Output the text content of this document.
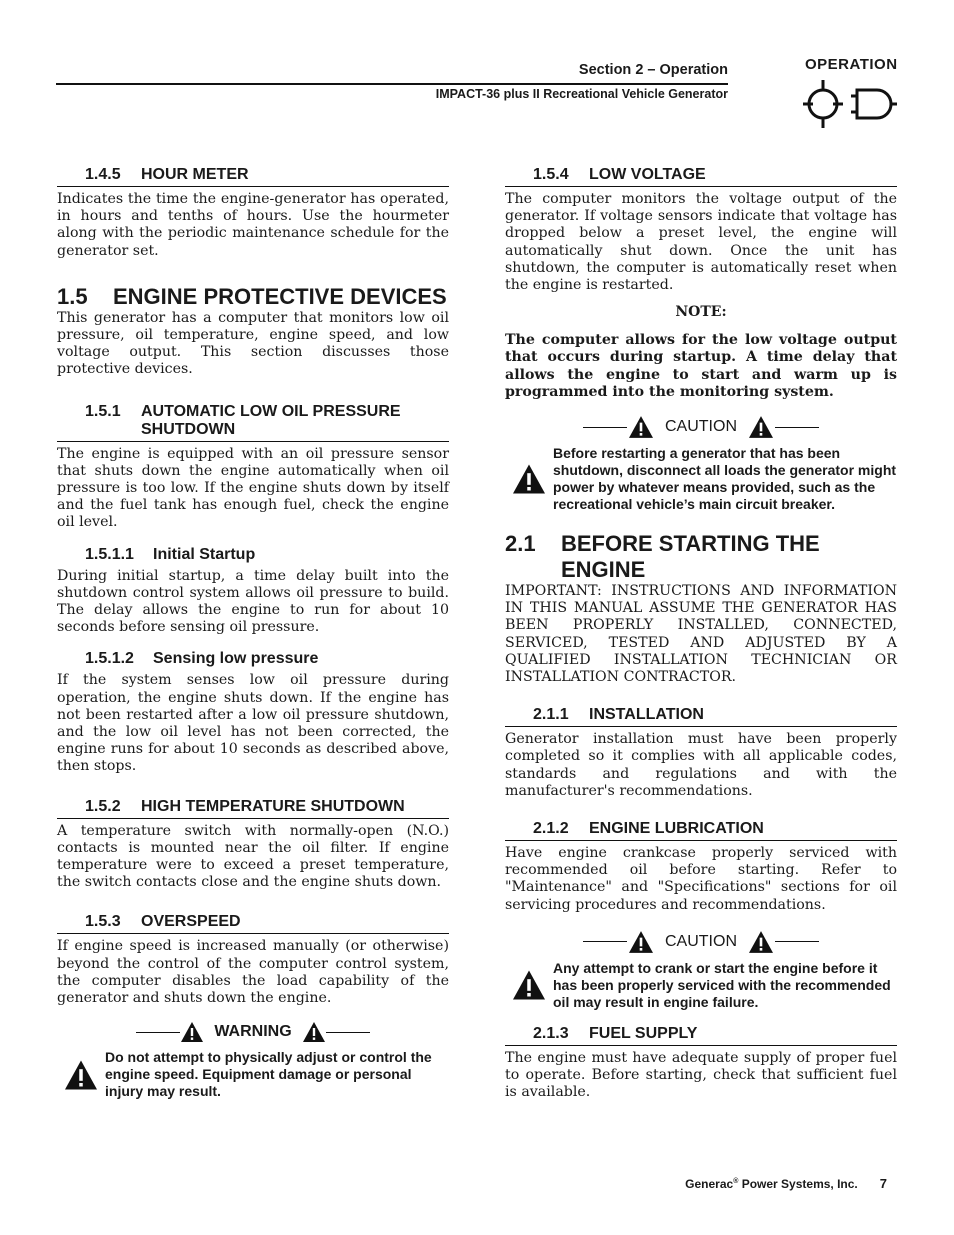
Section 2 – Operation
IMPACT-36 plus II Recreational Vehicle Generator
OPERATION
1.4.5	HOUR METER

Indicates the time the engine-generator has operated, in hours and tenths of hours. Use the hourmeter along with the periodic maintenance schedule for the generator set.

1.5	ENGINE PROTECTIVE DEVICES

This generator has a computer that monitors low oil pressure, oil temperature, engine speed, and low voltage output. This section discusses those protective devices.

1.5.1	AUTOMATIC LOW OIL PRESSURE SHUTDOWN

The engine is equipped with an oil pressure sensor that shuts down the engine automatically when oil pressure is too low. If the engine shuts down by itself and the fuel tank has enough fuel, check the engine oil level.

1.5.1.1	Initial Startup

During initial startup, a time delay built into the shutdown control system allows oil pressure to build. The delay allows the engine to run for about 10 seconds before sensing oil pressure.

1.5.1.2	Sensing low pressure

If the system senses low oil pressure during operation, the engine shuts down. If the engine has not been restarted after a low oil pressure shutdown, and the low oil level has not been corrected, the engine runs for about 10 seconds as described above, then stops.

1.5.2	HIGH TEMPERATURE SHUTDOWN

A temperature switch with normally-open (N.O.) contacts is mounted near the oil filter. If engine temperature were to exceed a preset temperature, the switch contacts close and the engine shuts down.

1.5.3	OVERSPEED

If engine speed is increased manually (or otherwise) beyond the control of the computer control system, the computer disables the load capability of the generator and shuts down the engine.

WARNING
Do not attempt to physically adjust or control the engine speed. Equipment damage or personal injury may result.
1.5.4	LOW VOLTAGE

The computer monitors the voltage output of the generator. If voltage sensors indicate that voltage has dropped below a preset level, the engine will automatically shut down. Once the unit has shutdown, the computer is automatically reset when the engine is restarted.

NOTE:

The computer allows for the low voltage output that occurs during startup. A time delay that allows the engine to start and warm up is programmed into the monitoring system.

CAUTION
Before restarting a generator that has been shutdown, disconnect all loads the generator might power by whatever means provided, such as the recreational vehicle’s main circuit breaker.
2.1	BEFORE STARTING THE ENGINE

IMPORTANT: INSTRUCTIONS AND INFORMATION IN THIS MANUAL ASSUME THE GENERATOR HAS BEEN PROPERLY INSTALLED, CONNECTED, SERVICED, TESTED AND ADJUSTED BY A QUALIFIED INSTALLATION TECHNICIAN OR INSTALLATION CONTRACTOR.

2.1.1	INSTALLATION

Generator installation must have been properly completed so it complies with all applicable codes, standards and regulations and with the manufacturer's recommendations.

2.1.2	ENGINE LUBRICATION

Have engine crankcase properly serviced with recommended oil before starting. Refer to "Maintenance" and "Specifications" sections for oil servicing procedures and recommendations.

CAUTION
Any attempt to crank or start the engine before it has been properly serviced with the recommended oil may result in engine failure.
2.1.3	FUEL SUPPLY

The engine must have adequate supply of proper fuel to operate. Before starting, check that sufficient fuel is available.

Generac® Power Systems, Inc. 7
